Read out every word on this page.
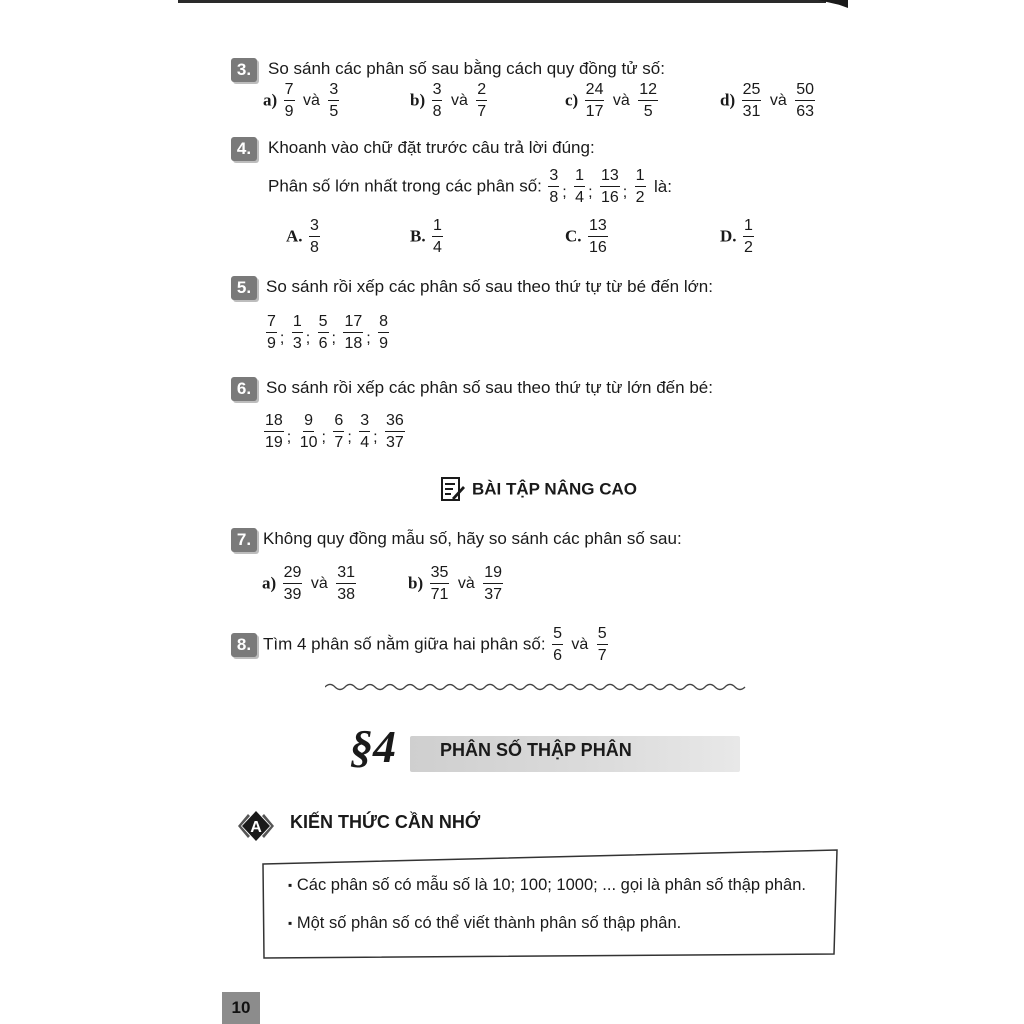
3. So sánh các phân số sau bằng cách quy đồng tử số:
$a) \frac{7}{9}$ và $\frac{3}{5}$	$b) \frac{3}{8}$ và $\frac{2}{7}$	$c) \frac{24}{17}$ và $\frac{12}{5}$	$d) \frac{25}{31}$ và $\frac{50}{63}$
4. Khoanh vào chữ đặt trước câu trả lời đúng:
Phân số lớn nhất trong các phân số: $\frac{3}{8}$ ; $\frac{1}{4}$ ; $\frac{13}{16}$ ; $\frac{1}{2}$ là:
A. $\frac{3}{8}$	B. $\frac{1}{4}$	C. $\frac{13}{16}$	D. $\frac{1}{2}$
5. So sánh rồi xếp các phân số sau theo thứ tự từ bé đến lớn:
$\frac{7}{9}$ ; $\frac{1}{3}$ ; $\frac{5}{6}$ ; $\frac{17}{18}$ ; $\frac{8}{9}$
6. So sánh rồi xếp các phân số sau theo thứ tự từ lớn đến bé:
$\frac{18}{19}$ ; $\frac{9}{10}$ ; $\frac{6}{7}$ ; $\frac{3}{4}$ ; $\frac{36}{37}$
BÀI TẬP NÂNG CAO
7. Không quy đồng mẫu số, hãy so sánh các phân số sau:
$a) \frac{29}{39}$ và $\frac{31}{38}$	$b) \frac{35}{71}$ và $\frac{19}{37}$
8. Tìm 4 phân số nằm giữa hai phân số: $\frac{5}{6}$ và $\frac{5}{7}$
§4 PHÂN SỐ THẬP PHÂN
A KIẾN THỨC CẦN NHỚ
▪ Các phân số có mẫu số là 10; 100; 1000; ... gọi là phân số thập phân.
▪ Một số phân số có thể viết thành phân số thập phân.
10
